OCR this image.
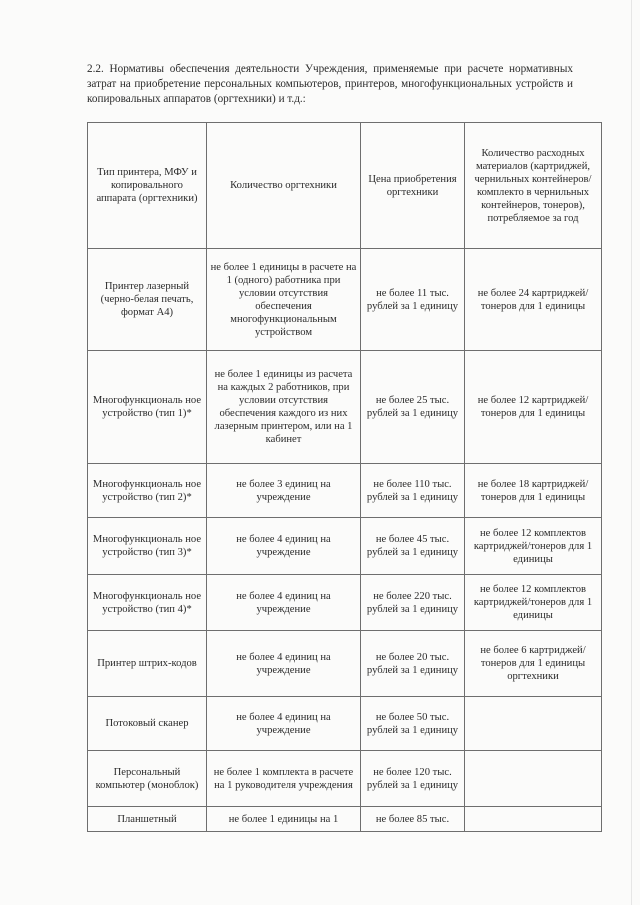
2.2. Нормативы обеспечения деятельности Учреждения, применяемые при расчете нормативных затрат на приобретение персональных компьютеров, принтеров, многофункциональных устройств и копировальных аппаратов (оргтехники) и т.д.:

Тип принтера, МФУ и копировального аппарата (оргтехники)	Количество оргтехники	Цена приобретения оргтехники	Количество расходных материалов (картриджей, чернильных контейнеров/комплекто в чернильных контейнеров, тонеров), потребляемое за год
Принтер лазерный (черно-белая печать, формат А4)	не более 1 единицы в расчете на 1 (одного) работника при условии отсутствия обеспечения многофункциональным устройством	не более 11 тыс. рублей за 1 единицу	не более 24 картриджей/тонеров для 1 единицы
Многофункциональ ное устройство (тип 1)*	не более 1 единицы из расчета на каждых 2 работников, при условии отсутствия обеспечения каждого из них лазерным принтером, или на 1 кабинет	не более 25 тыс. рублей за 1 единицу	не более 12 картриджей/тонеров для 1 единицы
Многофункциональ ное устройство (тип 2)*	не более 3 единиц на учреждение	не более 110 тыс. рублей за 1 единицу	не более 18 картриджей/тонеров для 1 единицы
Многофункциональ ное устройство (тип 3)*	не более 4 единиц на учреждение	не более 45 тыс. рублей за 1 единицу	не более 12 комплектов картриджей/тонеров для 1 единицы
Многофункциональ ное устройство (тип 4)*	не более 4 единиц на учреждение	не более 220 тыс. рублей за 1 единицу	не более 12 комплектов картриджей/тонеров для 1 единицы
Принтер штрих-кодов	не более 4 единиц на учреждение	не более 20 тыс. рублей за 1 единицу	не более 6 картриджей/тонеров для 1 единицы оргтехники
Потоковый сканер	не более 4 единиц на учреждение	не более 50 тыс. рублей за 1 единицу	
Персональный компьютер (моноблок)	не более 1 комплекта в расчете на 1 руководителя учреждения	не более 120 тыс. рублей за 1 единицу	
Планшетный	не более 1 единицы на 1	не более 85 тыс.	
